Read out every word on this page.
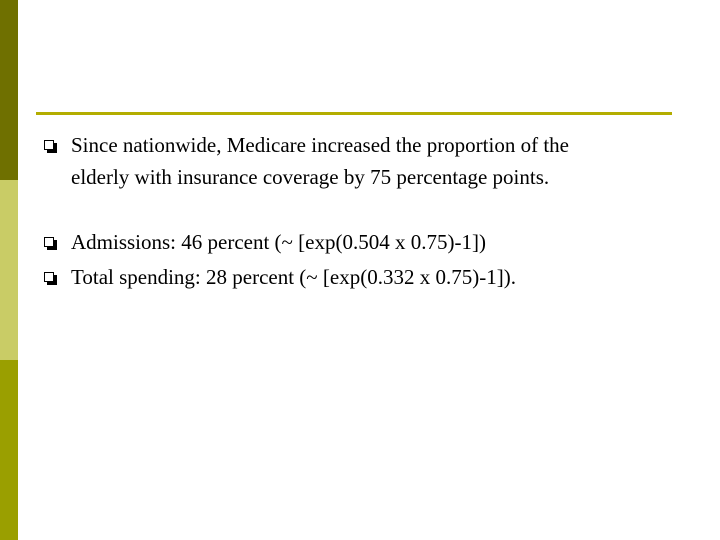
Since nationwide, Medicare increased the proportion of the
elderly with insurance coverage by 75 percentage points.
Admissions: 46 percent (~ [exp(0.504 x 0.75)-1])
Total spending: 28 percent (~ [exp(0.332 x 0.75)-1]).
